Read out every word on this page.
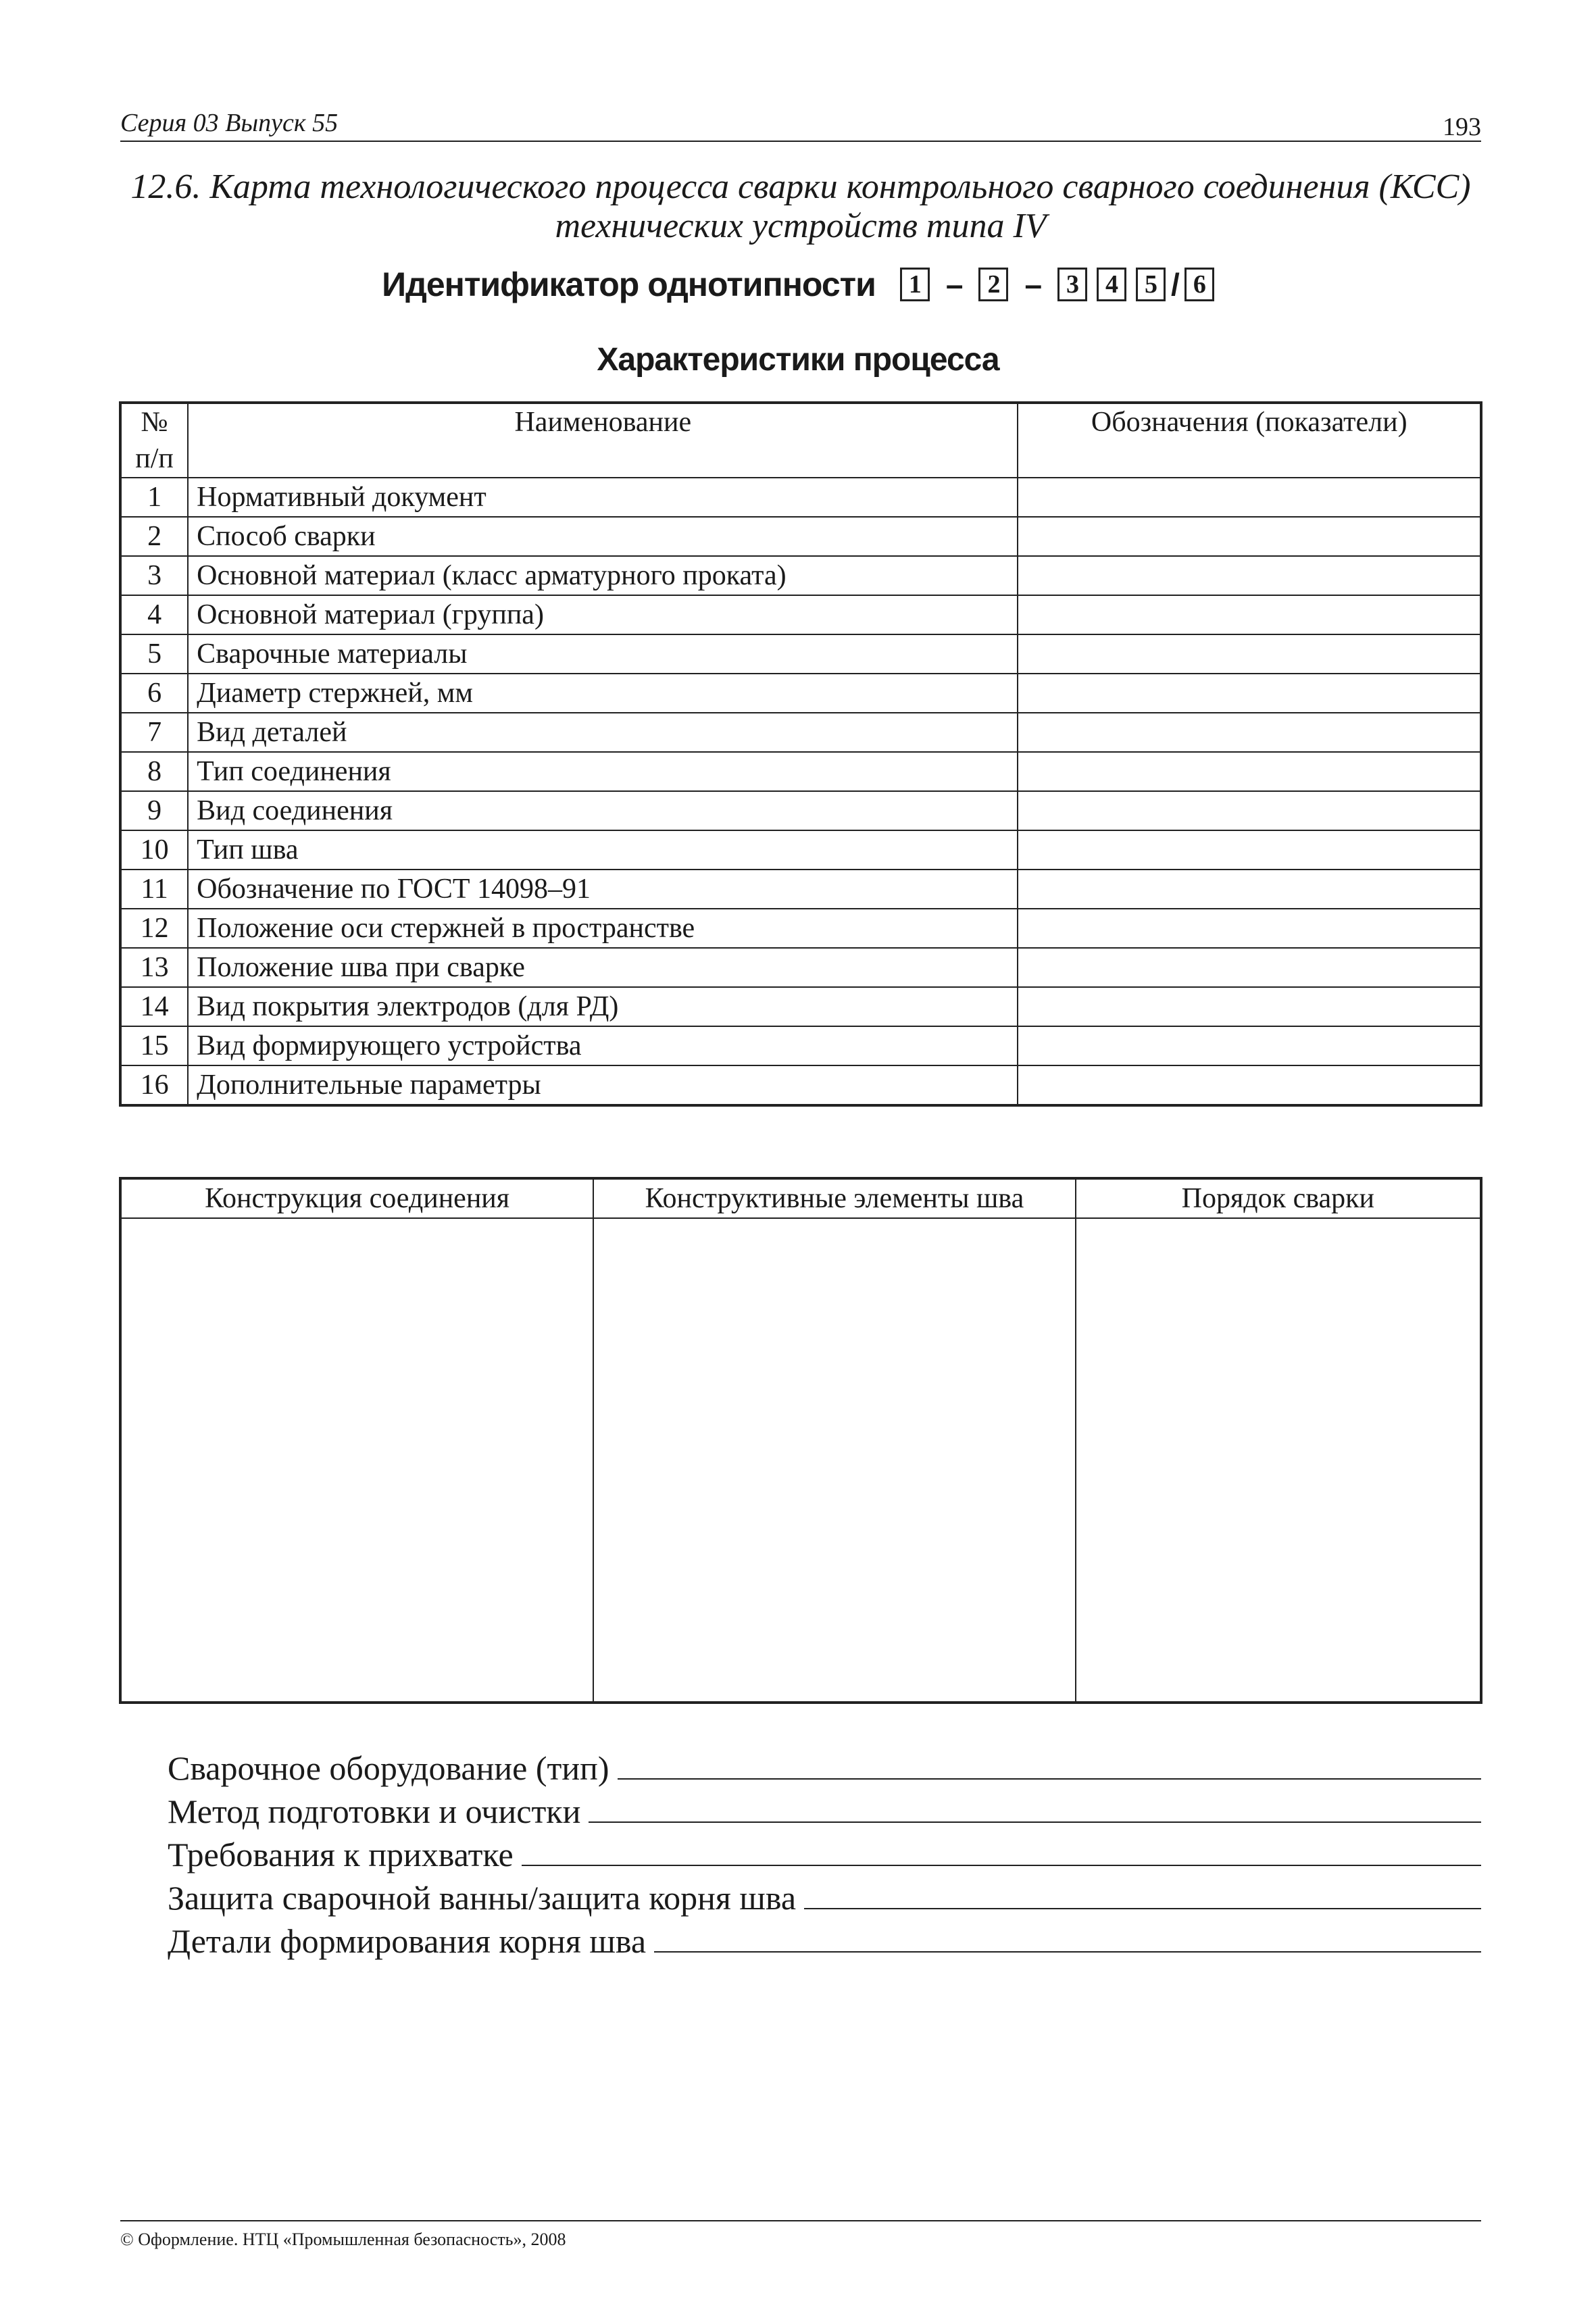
Серия 03 Выпуск 55	193
12.6. Карта технологического процесса сварки контрольного сварного соединения (КСС)
технических устройств типа IV
Идентификатор однотипности	1 – 2 – 3	4	5 / 6
Характеристики процесса
№
п/п	Наименование	Обозначения (показатели)
1	Нормативный документ	
2	Способ сварки	
3	Основной материал (класс арматурного проката)	
4	Основной материал (группа)	
5	Сварочные материалы	
6	Диаметр стержней, мм	
7	Вид деталей	
8	Тип соединения	
9	Вид соединения	
10	Тип шва	
11	Обозначение по ГОСТ 14098–91	
12	Положение оси стержней в пространстве	
13	Положение шва при сварке	
14	Вид покрытия электродов (для РД)	
15	Вид формирующего устройства	
16	Дополнительные параметры	
Конструкция соединения	Конструктивные элементы шва	Порядок сварки

Сварочное оборудование (тип)
Метод подготовки и очистки
Требования к прихватке
Защита сварочной ванны/защита корня шва
Детали формирования корня шва
© Оформление. НТЦ «Промышленная безопасность», 2008
